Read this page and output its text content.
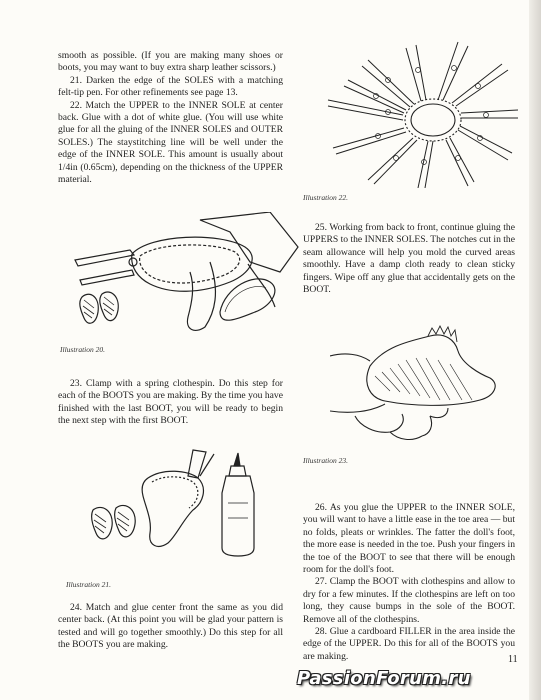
smooth as possible. (If you are making many shoes or boots, you may want to buy extra sharp leather scissors.)

21. Darken the edge of the SOLES with a matching felt-tip pen. For other refinements see page 13.

22. Match the UPPER to the INNER SOLE at center back. Glue with a dot of white glue. (You will use white glue for all the gluing of the INNER SOLES and OUTER SOLES.) The staystitching line will be well under the edge of the INNER SOLE. This amount is usually about 1/4in (0.65cm), depending on the thickness of the UPPER material.

Illustration 20.

23. Clamp with a spring clothespin. Do this step for each of the BOOTS you are making. By the time you have finished with the last BOOT, you will be ready to begin the next step with the first BOOT.

Illustration 21.

24. Match and glue center front the same as you did center back. (At this point you will be glad your pattern is tested and will go together smoothly.) Do this step for all the BOOTS you are making.

Illustration 22.

25. Working from back to front, continue gluing the UPPERS to the INNER SOLES. The notches cut in the seam allowance will help you mold the curved areas smoothly. Have a damp cloth ready to clean sticky fingers. Wipe off any glue that accidentally gets on the BOOT.

Illustration 23.

26. As you glue the UPPER to the INNER SOLE, you will want to have a little ease in the toe area — but no folds, pleats or wrinkles. The fatter the doll's foot, the more ease is needed in the toe. Push your fingers in the toe of the BOOT to see that there will be enough room for the doll's foot.

27. Clamp the BOOT with clothespins and allow to dry for a few minutes. If the clothespins are left on too long, they cause bumps in the sole of the BOOT. Remove all of the clothespins.

28. Glue a cardboard FILLER in the area inside the edge of the UPPER. Do this for all of the BOOTS you are making.	11
PassionForum.ru
